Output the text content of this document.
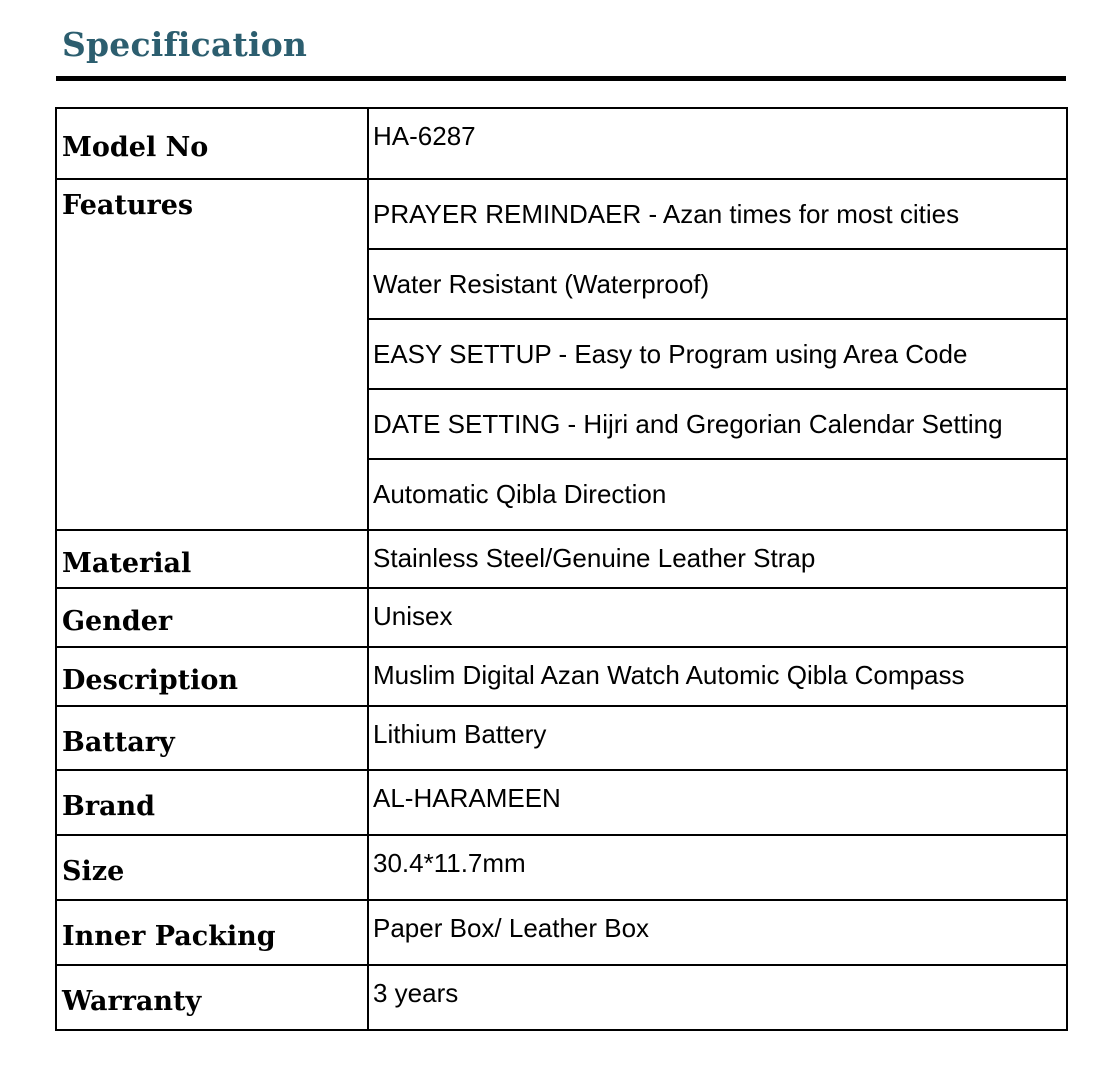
Specification
Model No	HA-6287
Features	PRAYER REMINDAER - Azan times for most cities
	Water Resistant (Waterproof)
	EASY SETTUP - Easy to Program using Area Code
	DATE SETTING - Hijri and Gregorian Calendar Setting
	Automatic Qibla Direction
Material	Stainless Steel/Genuine Leather Strap
Gender	Unisex
Description	Muslim Digital Azan Watch Automic Qibla Compass
Battary	Lithium Battery
Brand	AL-HARAMEEN
Size	30.4*11.7mm
Inner Packing	Paper Box/ Leather Box
Warranty	3 years
